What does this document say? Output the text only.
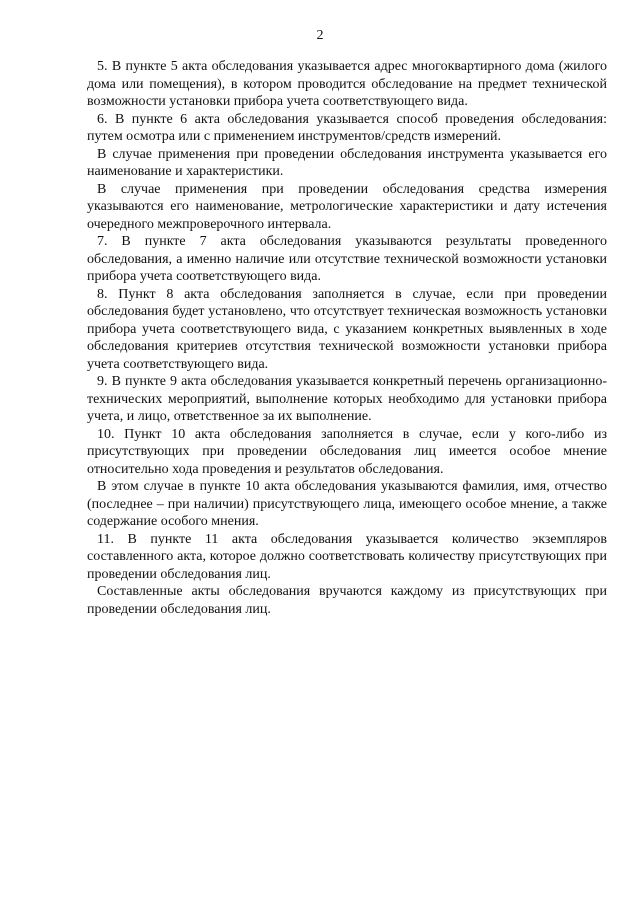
2

5. В пункте 5 акта обследования указывается адрес многоквартирного дома (жилого дома или помещения), в котором проводится обследование на предмет технической возможности установки прибора учета соответствующего вида.

6. В пункте 6 акта обследования указывается способ проведения обследования: путем осмотра или с применением инструментов/средств измерений.

В случае применения при проведении обследования инструмента указывается его наименование и характеристики.

В случае применения при проведении обследования средства измерения указываются его наименование, метрологические характеристики и дату истечения очередного межпроверочного интервала.

7. В пункте 7 акта обследования указываются результаты проведенного обследования, а именно наличие или отсутствие технической возможности установки прибора учета соответствующего вида.

8. Пункт 8 акта обследования заполняется в случае, если при проведении обследования будет установлено, что отсутствует техническая возможность установки прибора учета соответствующего вида, с указанием конкретных выявленных в ходе обследования критериев отсутствия технической возможности установки прибора учета соответствующего вида.

9. В пункте 9 акта обследования указывается конкретный перечень организационно-технических мероприятий, выполнение которых необходимо для установки прибора учета, и лицо, ответственное за их выполнение.

10. Пункт 10 акта обследования заполняется в случае, если у кого-либо из присутствующих при проведении обследования лиц имеется особое мнение относительно хода проведения и результатов обследования.

В этом случае в пункте 10 акта обследования указываются фамилия, имя, отчество (последнее – при наличии) присутствующего лица, имеющего особое мнение, а также содержание особого мнения.

11. В пункте 11 акта обследования указывается количество экземпляров составленного акта, которое должно соответствовать количеству присутствующих при проведении обследования лиц.

Составленные акты обследования вручаются каждому из присутствующих при проведении обследования лиц.
